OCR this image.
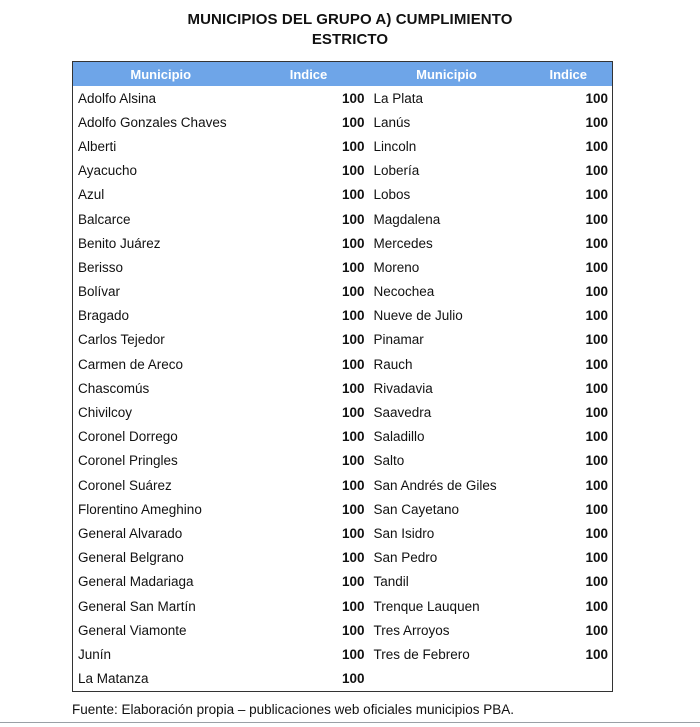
MUNICIPIOS DEL GRUPO A) CUMPLIMIENTO
ESTRICTO
Municipio	Indice	Municipio	Indice
Adolfo Alsina	100	La Plata	100
Adolfo Gonzales Chaves	100	Lanús	100
Alberti	100	Lincoln	100
Ayacucho	100	Lobería	100
Azul	100	Lobos	100
Balcarce	100	Magdalena	100
Benito Juárez	100	Mercedes	100
Berisso	100	Moreno	100
Bolívar	100	Necochea	100
Bragado	100	Nueve de Julio	100
Carlos Tejedor	100	Pinamar	100
Carmen de Areco	100	Rauch	100
Chascomús	100	Rivadavia	100
Chivilcoy	100	Saavedra	100
Coronel Dorrego	100	Saladillo	100
Coronel Pringles	100	Salto	100
Coronel Suárez	100	San Andrés de Giles	100
Florentino Ameghino	100	San Cayetano	100
General Alvarado	100	San Isidro	100
General Belgrano	100	San Pedro	100
General Madariaga	100	Tandil	100
General San Martín	100	Trenque Lauquen	100
General Viamonte	100	Tres Arroyos	100
Junín	100	Tres de Febrero	100
La Matanza	100		
Fuente: Elaboración propia – publicaciones web oficiales municipios PBA.
